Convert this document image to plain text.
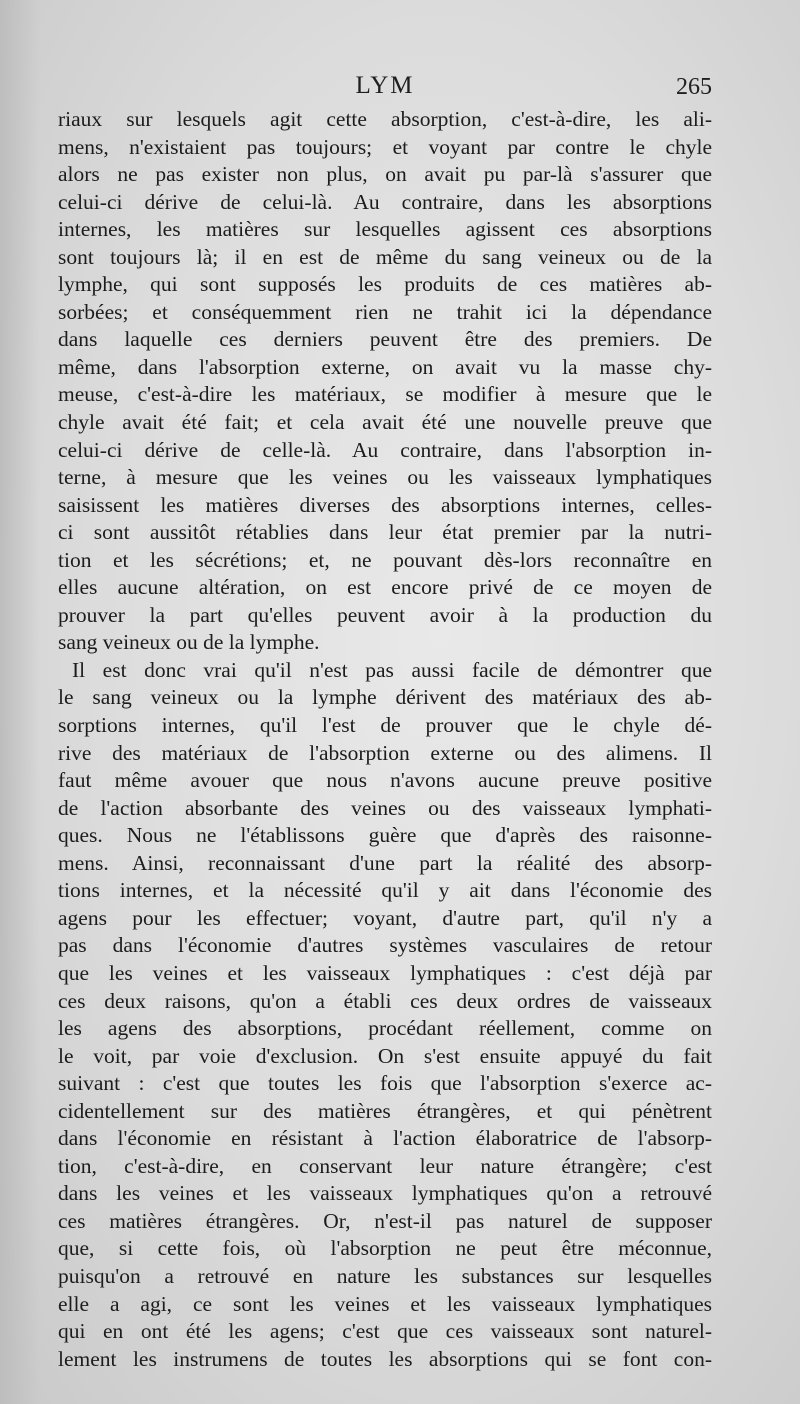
LYM	265
riaux sur lesquels agit cette absorption, c'est-à-dire, les ali-
mens, n'existaient pas toujours; et voyant par contre le chyle
alors ne pas exister non plus, on avait pu par-là s'assurer que
celui-ci dérive de celui-là. Au contraire, dans les absorptions
internes, les matières sur lesquelles agissent ces absorptions
sont toujours là; il en est de même du sang veineux ou de la
lymphe, qui sont supposés les produits de ces matières ab-
sorbées; et conséquemment rien ne trahit ici la dépendance
dans laquelle ces derniers peuvent être des premiers. De
même, dans l'absorption externe, on avait vu la masse chy-
meuse, c'est-à-dire les matériaux, se modifier à mesure que le
chyle avait été fait; et cela avait été une nouvelle preuve que
celui-ci dérive de celle-là. Au contraire, dans l'absorption in-
terne, à mesure que les veines ou les vaisseaux lymphatiques
saisissent les matières diverses des absorptions internes, celles-
ci sont aussitôt rétablies dans leur état premier par la nutri-
tion et les sécrétions; et, ne pouvant dès-lors reconnaître en
elles aucune altération, on est encore privé de ce moyen de
prouver la part qu'elles peuvent avoir à la production du
sang veineux ou de la lymphe.
Il est donc vrai qu'il n'est pas aussi facile de démontrer que
le sang veineux ou la lymphe dérivent des matériaux des ab-
sorptions internes, qu'il l'est de prouver que le chyle dé-
rive des matériaux de l'absorption externe ou des alimens. Il
faut même avouer que nous n'avons aucune preuve positive
de l'action absorbante des veines ou des vaisseaux lymphati-
ques. Nous ne l'établissons guère que d'après des raisonne-
mens. Ainsi, reconnaissant d'une part la réalité des absorp-
tions internes, et la nécessité qu'il y ait dans l'économie des
agens pour les effectuer; voyant, d'autre part, qu'il n'y a
pas dans l'économie d'autres systèmes vasculaires de retour
que les veines et les vaisseaux lymphatiques : c'est déjà par
ces deux raisons, qu'on a établi ces deux ordres de vaisseaux
les agens des absorptions, procédant réellement, comme on
le voit, par voie d'exclusion. On s'est ensuite appuyé du fait
suivant : c'est que toutes les fois que l'absorption s'exerce ac-
cidentellement sur des matières étrangères, et qui pénètrent
dans l'économie en résistant à l'action élaboratrice de l'absorp-
tion, c'est-à-dire, en conservant leur nature étrangère; c'est
dans les veines et les vaisseaux lymphatiques qu'on a retrouvé
ces matières étrangères. Or, n'est-il pas naturel de supposer
que, si cette fois, où l'absorption ne peut être méconnue,
puisqu'on a retrouvé en nature les substances sur lesquelles
elle a agi, ce sont les veines et les vaisseaux lymphatiques
qui en ont été les agens; c'est que ces vaisseaux sont naturel-
lement les instrumens de toutes les absorptions qui se font con-
